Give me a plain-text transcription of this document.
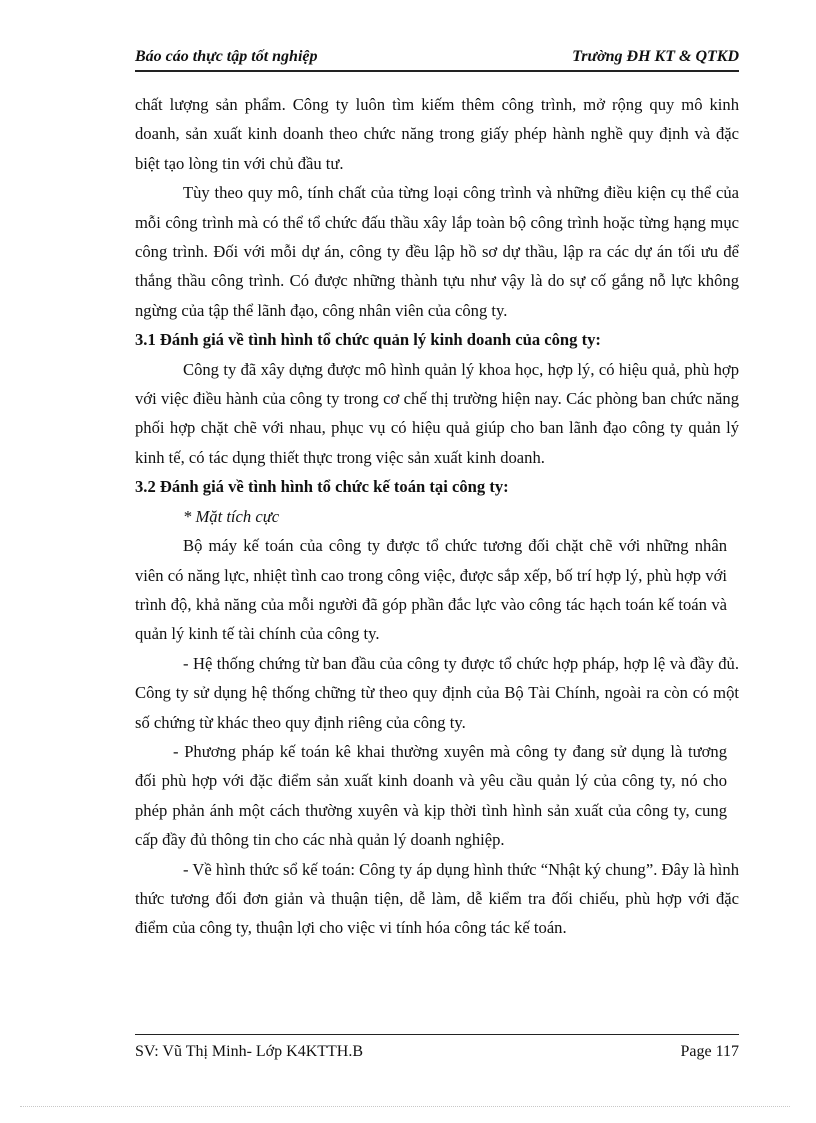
Báo cáo thực tập tốt nghiệp	Trường ĐH KT & QTKD

chất lượng sản phẩm. Công ty luôn tìm kiếm thêm công trình, mở rộng quy mô kinh doanh, sản xuất kinh doanh theo chức năng trong giấy phép hành nghề quy định và đặc biệt tạo lòng tin với chủ đầu tư.

Tùy theo quy mô, tính chất của từng loại công trình và những điều kiện cụ thể của mỗi công trình mà có thể tổ chức đấu thầu xây lắp toàn bộ công trình hoặc từng hạng mục công trình. Đối với mỗi dự án, công ty đều lập hồ sơ dự thầu, lập ra các dự án tối ưu để thắng thầu công trình. Có được những thành tựu như vậy là do sự cố gắng nỗ lực không ngừng của tập thể lãnh đạo, công nhân viên của công ty.

3.1 Đánh giá về tình hình tổ chức quản lý kinh doanh của công ty:

Công ty đã xây dựng được mô hình quản lý khoa học, hợp lý, có hiệu quả, phù hợp với việc điều hành của công ty trong cơ chế thị trường hiện nay. Các phòng ban chức năng phối hợp chặt chẽ với nhau, phục vụ có hiệu quả giúp cho ban lãnh đạo công ty quản lý kinh tế, có tác dụng thiết thực trong việc sản xuất kinh doanh.

3.2 Đánh giá về tình hình tổ chức kế toán tại công ty:

* Mặt tích cực

Bộ máy kế toán của công ty được tổ chức tương đối chặt chẽ với những nhân viên có năng lực, nhiệt tình cao trong công việc, được sắp xếp, bố trí hợp lý, phù hợp với trình độ, khả năng của mỗi người đã góp phần đắc lực vào công tác hạch toán kế toán và quản lý kinh tế tài chính của công ty.

- Hệ thống chứng từ ban đầu của công ty được tổ chức hợp pháp, hợp lệ và đầy đủ. Công ty sử dụng hệ thống chững từ theo quy định của Bộ Tài Chính, ngoài ra còn có một số chứng từ khác theo quy định riêng của công ty.

- Phương pháp kế toán kê khai thường xuyên mà công ty đang sử dụng là tương đối phù hợp với đặc điểm sản xuất kinh doanh và yêu cầu quản lý của công ty, nó cho phép phản ánh một cách thường xuyên và kịp thời tình hình sản xuất của công ty, cung cấp đầy đủ thông tin cho các nhà quản lý doanh nghiệp.

- Về hình thức sổ kế toán: Công ty áp dụng hình thức “Nhật ký chung”. Đây là hình thức tương đối đơn giản và thuận tiện, dễ làm, dễ kiểm tra đối chiếu, phù hợp với đặc điểm của công ty, thuận lợi cho việc vi tính hóa công tác kế toán.

SV: Vũ Thị Minh- Lớp K4KTTH.B	Page 117
